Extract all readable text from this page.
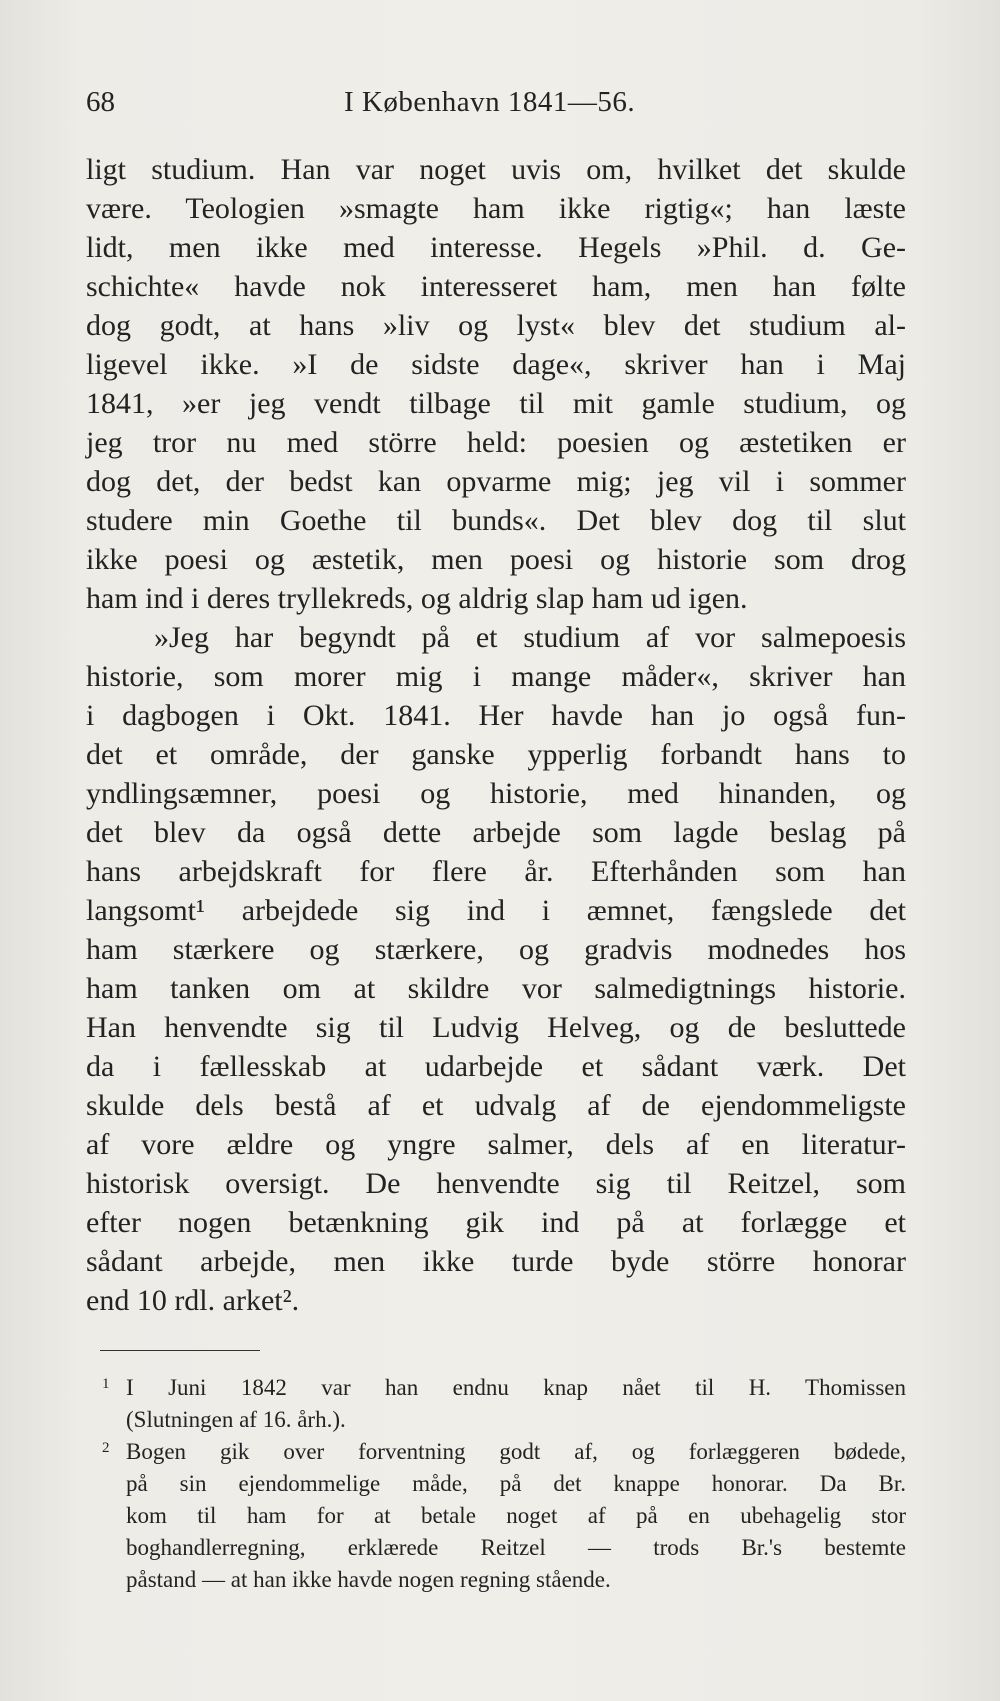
68	I København 1841—56.
ligt studium. Han var noget uvis om, hvilket det skulde
være. Teologien »smagte ham ikke rigtig«; han læste
lidt, men ikke med interesse. Hegels »Phil. d. Ge-
schichte« havde nok interesseret ham, men han følte
dog godt, at hans »liv og lyst« blev det studium al-
ligevel ikke. »I de sidste dage«, skriver han i Maj
1841, »er jeg vendt tilbage til mit gamle studium, og
jeg tror nu med större held: poesien og æstetiken er
dog det, der bedst kan opvarme mig; jeg vil i sommer
studere min Goethe til bunds«. Det blev dog til slut
ikke poesi og æstetik, men poesi og historie som drog
ham ind i deres tryllekreds, og aldrig slap ham ud igen.
»Jeg har begyndt på et studium af vor salmepoesis
historie, som morer mig i mange måder«, skriver han
i dagbogen i Okt. 1841. Her havde han jo også fun-
det et område, der ganske ypperlig forbandt hans to
yndlingsæmner, poesi og historie, med hinanden, og
det blev da også dette arbejde som lagde beslag på
hans arbejdskraft for flere år. Efterhånden som han
langsomt¹ arbejdede sig ind i æmnet, fængslede det
ham stærkere og stærkere, og gradvis modnedes hos
ham tanken om at skildre vor salmedigtnings historie.
Han henvendte sig til Ludvig Helveg, og de besluttede
da i fællesskab at udarbejde et sådant værk. Det
skulde dels bestå af et udvalg af de ejendommeligste
af vore ældre og yngre salmer, dels af en literatur-
historisk oversigt. De henvendte sig til Reitzel, som
efter nogen betænkning gik ind på at forlægge et
sådant arbejde, men ikke turde byde större honorar
end 10 rdl. arket².
1 I Juni 1842 var han endnu knap nået til H. Thomissen
(Slutningen af 16. årh.).
2 Bogen gik over forventning godt af, og forlæggeren bødede,
på sin ejendommelige måde, på det knappe honorar. Da Br.
kom til ham for at betale noget af på en ubehagelig stor
boghandlerregning, erklærede Reitzel — trods Br.'s bestemte
påstand — at han ikke havde nogen regning stående.
